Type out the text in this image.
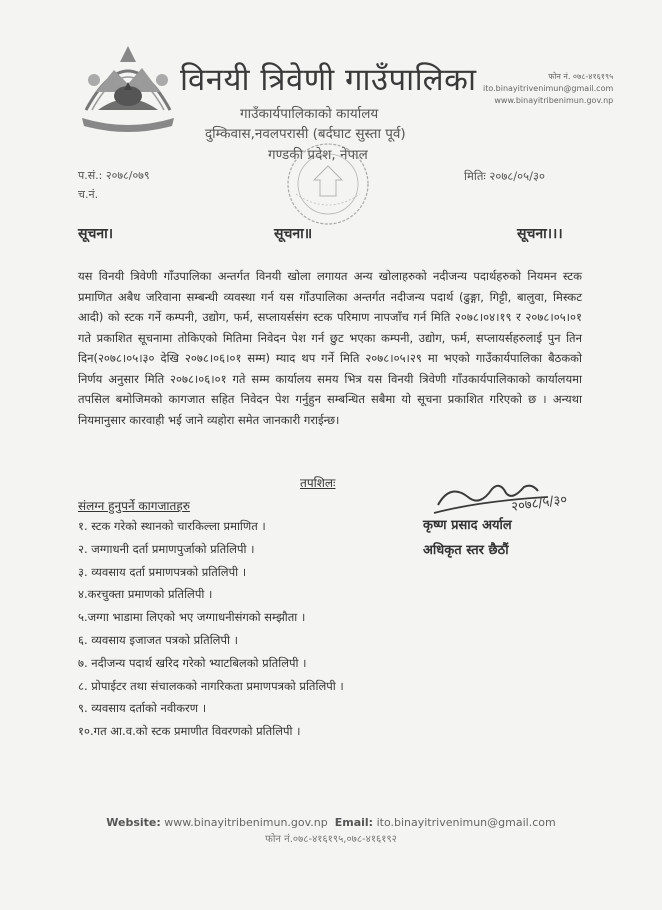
विनयी त्रिवेणी गाउँपालिका
गाउँकार्यपालिकाको कार्यालय
दुम्किवास,नवलपरासी (बर्दघाट सुस्ता पूर्व)
गण्डकी प्रदेश, नेपाल
फोन नं. ०७८-४१६१९५
ito.binayitrivenimun@gmail.com
www.binayitribenimun.gov.np
प.सं.: २०७८/०७९
च.नं.
मितिः २०७८/०५/३०
सूचना।	सूचना॥	सूचना।।।

यस विनयी त्रिवेणी गाँउपालिका अन्तर्गत विनयी खोला लगायत अन्य खोलाहरुको नदीजन्य पदार्थहरुको नियमन स्टक प्रमाणित अबैध जरिवाना सम्बन्धी व्यवस्था गर्न यस गाँउपालिका अन्तर्गत नदीजन्य पदार्थ (ढुङ्गा, गिट्टी, बालुवा, मिस्कट आदी) को स्टक गर्ने कम्पनी, उद्योग, फर्म, सप्लायर्ससंग स्टक परिमाण नापजाँच गर्न मिति २०७८।०४।१९ र २०७८।०५।०१ गते प्रकाशित सूचनामा तोकिएको मितिमा निवेदन पेश गर्न छुट भएका कम्पनी, उद्योग, फर्म, सप्लायर्सहरुलाई पुन तिन दिन(२०७८।०५।३० देखि २०७८।०६।०१ सम्म) म्याद थप गर्ने मिति २०७८।०५।२९ मा भएको गाउँकार्यपालिका बैठकको निर्णय अनुसार मिति २०७८।०६।०१ गते सम्म कार्यालय समय भित्र यस विनयी त्रिवेणी गाँउकार्यपालिकाको कार्यालयमा तपसिल बमोजिमको कागजात सहित निवेदन पेश गर्नुहुन सम्बन्धित सबैमा यो सूचना प्रकाशित गरिएको छ । अन्यथा नियमानुसार कारवाही भई जाने व्यहोरा समेत जानकारी गराईन्छ।

तपशिलः
संलग्न हुनुपर्ने कागजातहरु
१. स्टक गरेको स्थानको चारकिल्ला प्रमाणित ।
२. जग्गाधनी दर्ता प्रमाणपुर्जाको प्रतिलिपी ।
३. व्यवसाय दर्ता प्रमाणपत्रको प्रतिलिपी ।
४.करचुक्ता प्रमाणको प्रतिलिपी ।
५.जग्गा भाडामा लिएको भए जग्गाधनीसंगको सम्झौता ।
६. व्यवसाय इजाजत पत्रको प्रतिलिपी ।
७. नदीजन्य पदार्थ खरिद गरेको भ्याटबिलको प्रतिलिपी ।
८. प्रोपाईटर तथा संचालकको नागरिकता प्रमाणपत्रको प्रतिलिपी ।
९. व्यवसाय दर्ताको नवीकरण ।
१०.गत आ.व.को स्टक प्रमाणीत विवरणको प्रतिलिपी ।
२०७८/५/३०
कृष्ण प्रसाद अर्याल
अधिकृत स्तर छैठौं
Website: www.binayitribenimun.gov.np Email: ito.binayitrivenimun@gmail.com
फोन नं.०७८-४१६१९५,०७८-४१६१९२
